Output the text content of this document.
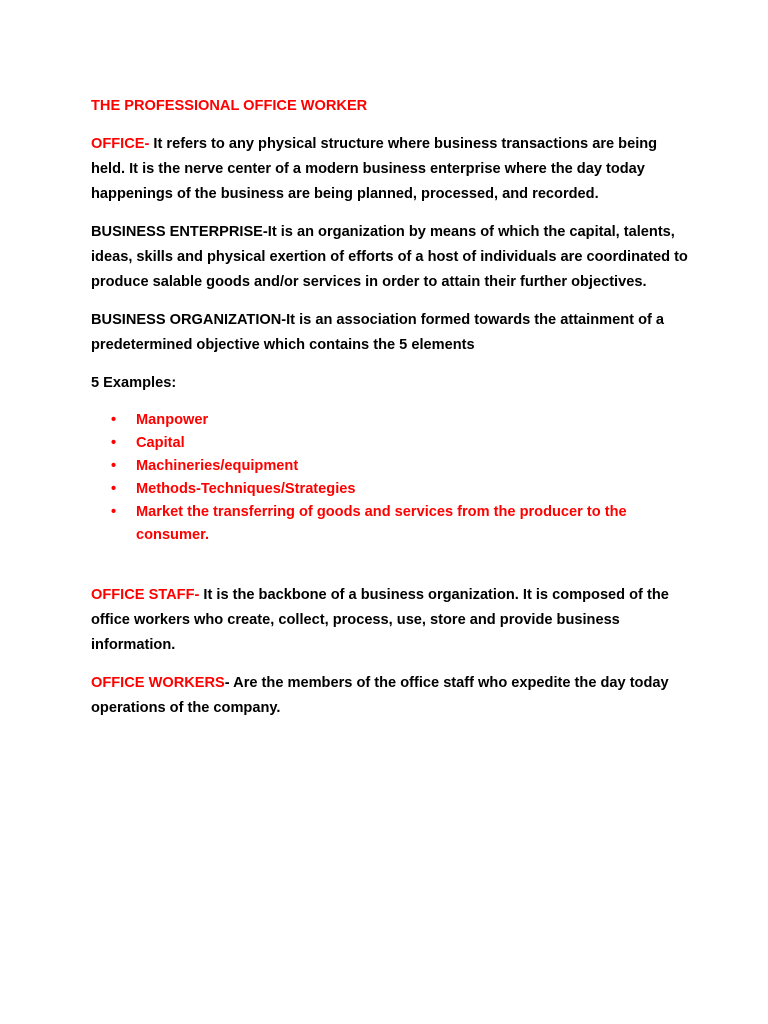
THE PROFESSIONAL OFFICE WORKER

OFFICE- It refers to any physical structure where business transactions are being held. It is the nerve center of a modern business enterprise where the day today happenings of the business are being planned, processed, and recorded.

BUSINESS ENTERPRISE-It is an organization by means of which the capital, talents, ideas, skills and physical exertion of efforts of a host of individuals are coordinated to produce salable goods and/or services in order to attain their further objectives.

BUSINESS ORGANIZATION-It is an association formed towards the attainment of a predetermined objective which contains the 5 elements

5 Examples:

• Manpower
• Capital
• Machineries/equipment
• Methods-Techniques/Strategies
• Market the transferring of goods and services from the producer to the consumer.

OFFICE STAFF- It is the backbone of a business organization. It is composed of the office workers who create, collect, process, use, store and provide business information.

OFFICE WORKERS- Are the members of the office staff who expedite the day today operations of the company.
